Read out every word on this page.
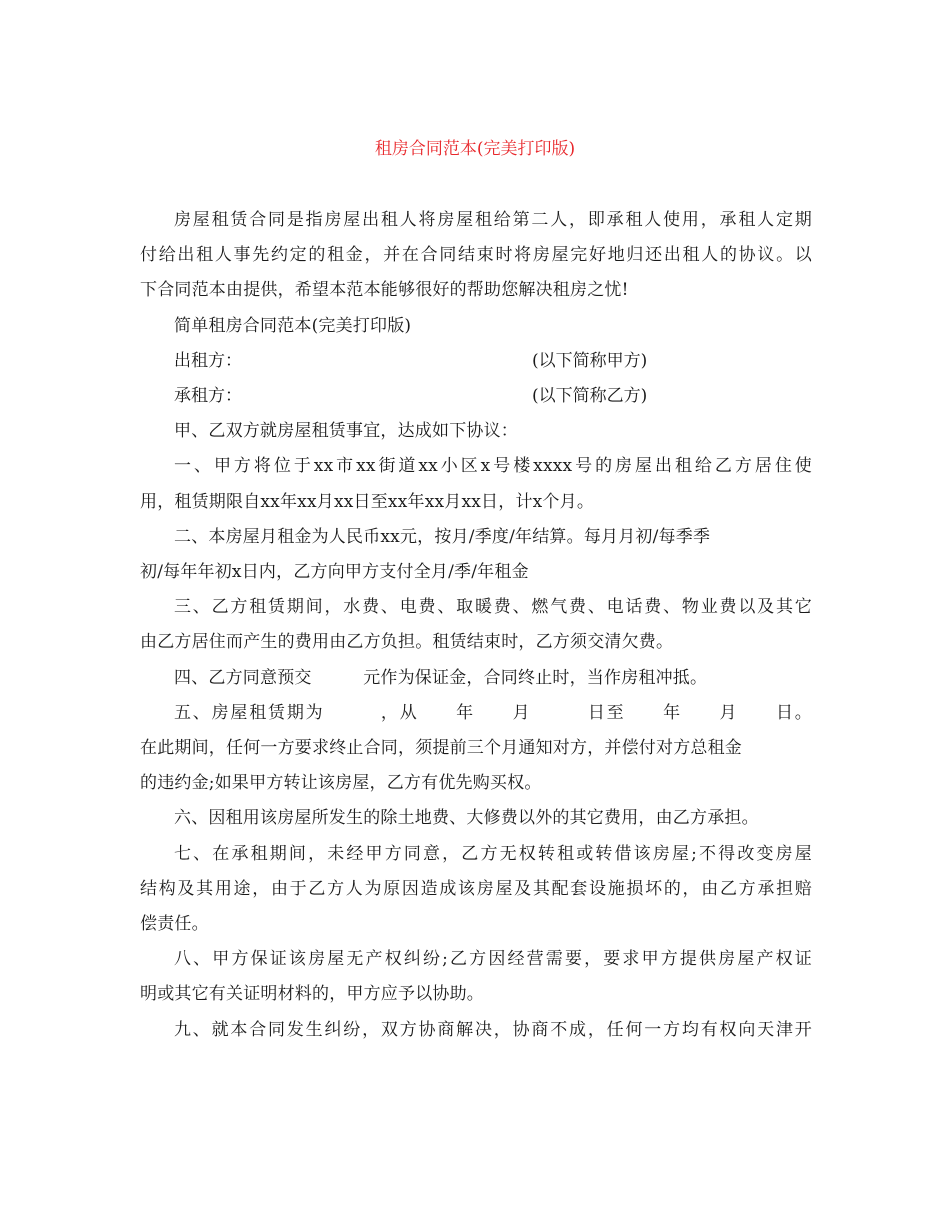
租房合同范本(完美打印版)

房屋租赁合同是指房屋出租人将房屋租给第二人，即承租人使用，承租人定期
付给出租人事先约定的租金，并在合同结束时将房屋完好地归还出租人的协议。以
下合同范本由提供，希望本范本能够很好的帮助您解决租房之忧!

简单租房合同范本(完美打印版)

出租方：	(以下简称甲方)
承租方：	(以下简称乙方)

甲、乙双方就房屋租赁事宜，达成如下协议：

一、甲方将位于xx市xx街道xx小区x号楼xxxx号的房屋出租给乙方居住使
用，租赁期限自xx年xx月xx日至xx年xx月xx日，计x个月。

二、本房屋月租金为人民币xx元，按月/季度/年结算。每月月初/每季季
初/每年年初x日内，乙方向甲方支付全月/季/年租金

三、乙方租赁期间，水费、电费、取暖费、燃气费、电话费、物业费以及其它
由乙方居住而产生的费用由乙方负担。租赁结束时，乙方须交清欠费。

四、乙方同意预交　　　元作为保证金，合同终止时，当作房租冲抵。

五、房屋租赁期为　　　，从　　年　　月　　　日至　　年　　月　　日。
在此期间，任何一方要求终止合同，须提前三个月通知对方，并偿付对方总租金
的违约金;如果甲方转让该房屋，乙方有优先购买权。

六、因租用该房屋所发生的除土地费、大修费以外的其它费用，由乙方承担。

七、在承租期间，未经甲方同意，乙方无权转租或转借该房屋;不得改变房屋
结构及其用途，由于乙方人为原因造成该房屋及其配套设施损坏的，由乙方承担赔
偿责任。

八、甲方保证该房屋无产权纠纷;乙方因经营需要，要求甲方提供房屋产权证
明或其它有关证明材料的，甲方应予以协助。

九、就本合同发生纠纷，双方协商解决，协商不成，任何一方均有权向天津开
